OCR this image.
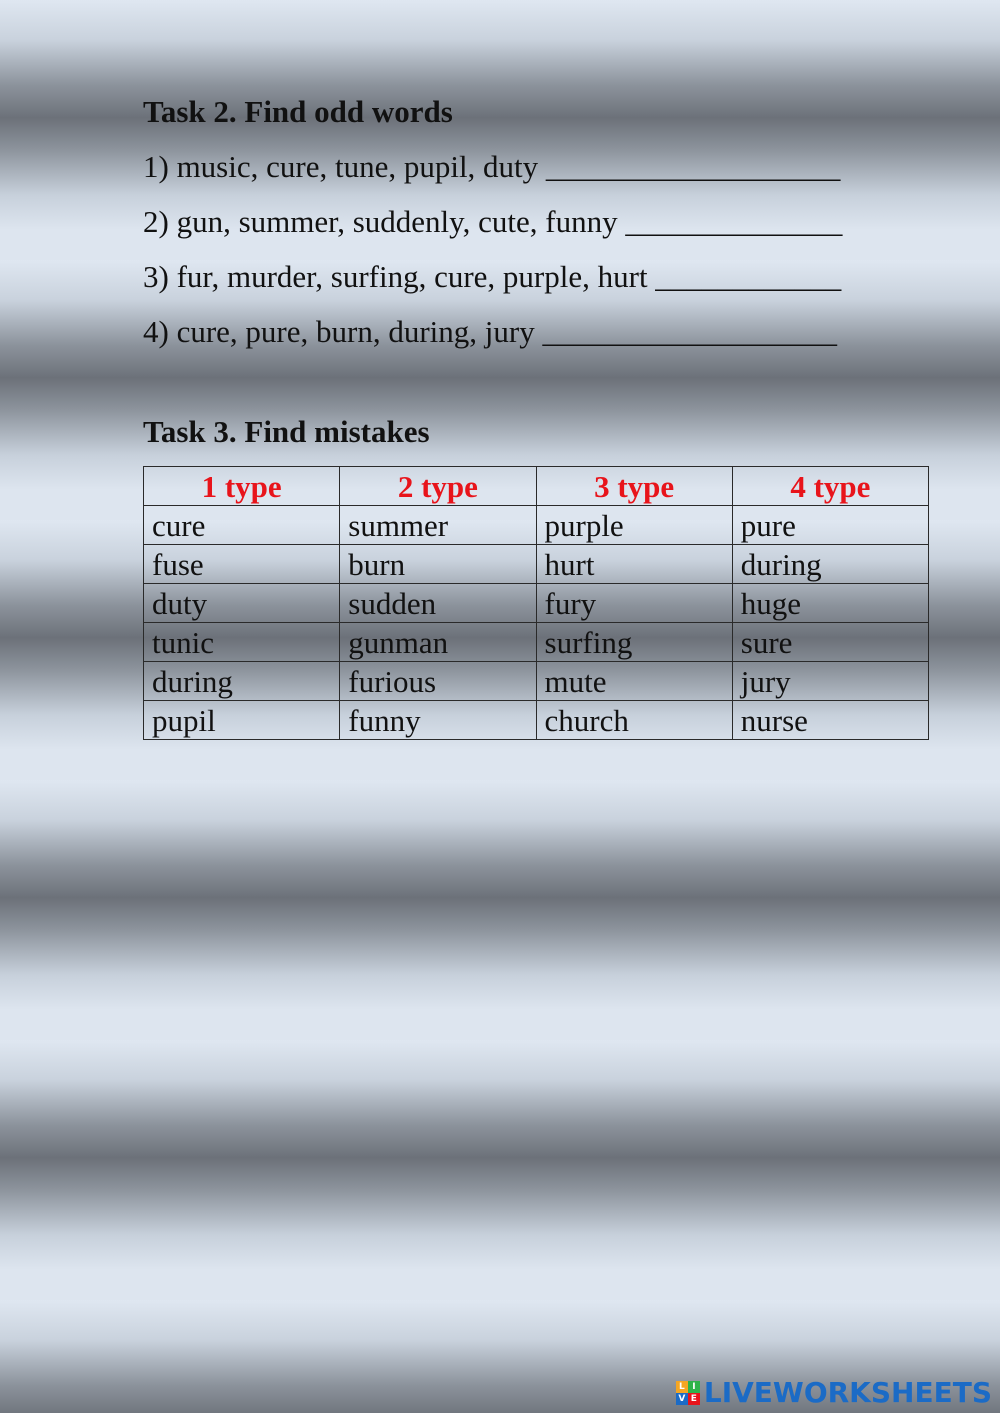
Task 2. Find odd words
1) music, cure, tune, pupil, duty ___________________
2) gun, summer, suddenly, cute, funny ______________
3) fur, murder, surfing, cure, purple, hurt ____________
4) cure, pure, burn, during, jury ___________________
Task 3. Find mistakes
1 type	2 type	3 type	4 type
cure	summer	purple	pure
fuse	burn	hurt	during
duty	sudden	fury	huge
tunic	gunman	surfing	sure
during	furious	mute	jury
pupil	funny	church	nurse
L I
V E LIVEWORKSHEETS
